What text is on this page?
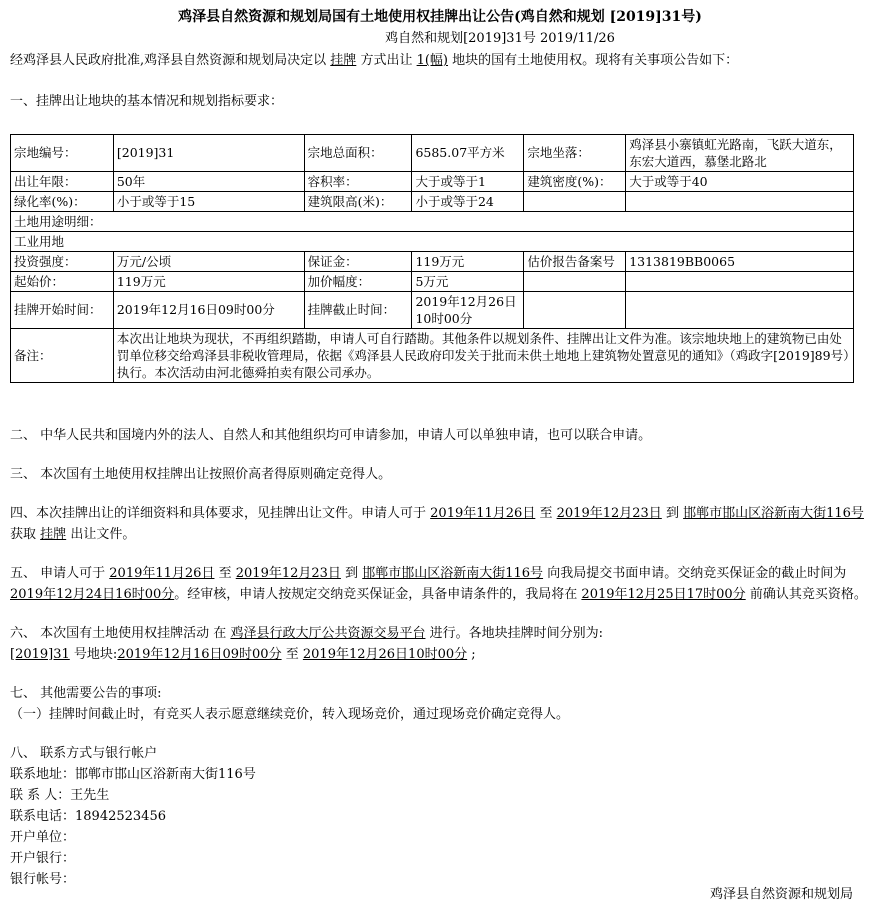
鸡泽县自然资源和规划局国有土地使用权挂牌出让公告(鸡自然和规划 [2019]31号)

鸡自然和规划[2019]31号 2019/11/26

经鸡泽县人民政府批准,鸡泽县自然资源和规划局决定以 挂牌 方式出让 1(幅) 地块的国有土地使用权。现将有关事项公告如下：

一、挂牌出让地块的基本情况和规划指标要求：

宗地编号：	[2019]31	宗地总面积：	6585.07平方米	宗地坐落：	鸡泽县小寨镇虹光路南，飞跃大道东，东宏大道西，慕堡北路北
出让年限：	50年	容积率：	大于或等于1	建筑密度(%)：	大于或等于40
绿化率(%)：	小于或等于15	建筑限高(米)：	小于或等于24		
土地用途明细：					
工业用地					
投资强度：	万元/公顷	保证金：	119万元	估价报告备案号	1313819BB0065
起始价：	119万元	加价幅度：	5万元		
挂牌开始时间：	2019年12月16日09时00分	挂牌截止时间：	2019年12月26日10时00分		
备注：	本次出让地块为现状，不再组织踏勘，申请人可自行踏勘。其他条件以规划条件、挂牌出让文件为准。该宗地块地上的建筑物已由处罚单位移交给鸡泽县非税收管理局，依据《鸡泽县人民政府印发关于批而未供土地地上建筑物处置意见的通知》（鸡政字[2019]89号）执行。本次活动由河北德舜拍卖有限公司承办。				

二、 中华人民共和国境内外的法人、自然人和其他组织均可申请参加，申请人可以单独申请，也可以联合申请。

三、 本次国有土地使用权挂牌出让按照价高者得原则确定竞得人。

四、本次挂牌出让的详细资料和具体要求，见挂牌出让文件。申请人可于 2019年11月26日 至 2019年12月23日 到 邯郸市邯山区浴新南大街116号 获取 挂牌 出让文件。

五、 申请人可于 2019年11月26日 至 2019年12月23日 到 邯郸市邯山区浴新南大街116号 向我局提交书面申请。交纳竞买保证金的截止时间为2019年12月24日16时00分。经审核，申请人按规定交纳竞买保证金，具备申请条件的，我局将在 2019年12月25日17时00分 前确认其竞买资格。

六、 本次国有土地使用权挂牌活动 在 鸡泽县行政大厅公共资源交易平台 进行。各地块挂牌时间分别为:

[2019]31 号地块:2019年12月16日09时00分 至 2019年12月26日10时00分 ;

七、 其他需要公告的事项:

（一）挂牌时间截止时，有竞买人表示愿意继续竞价，转入现场竞价，通过现场竞价确定竞得人。

八、 联系方式与银行帐户

联系地址：邯郸市邯山区浴新南大街116号

联 系 人：王先生

联系电话：18942523456

开户单位：

开户银行：

银行帐号：

鸡泽县自然资源和规划局
